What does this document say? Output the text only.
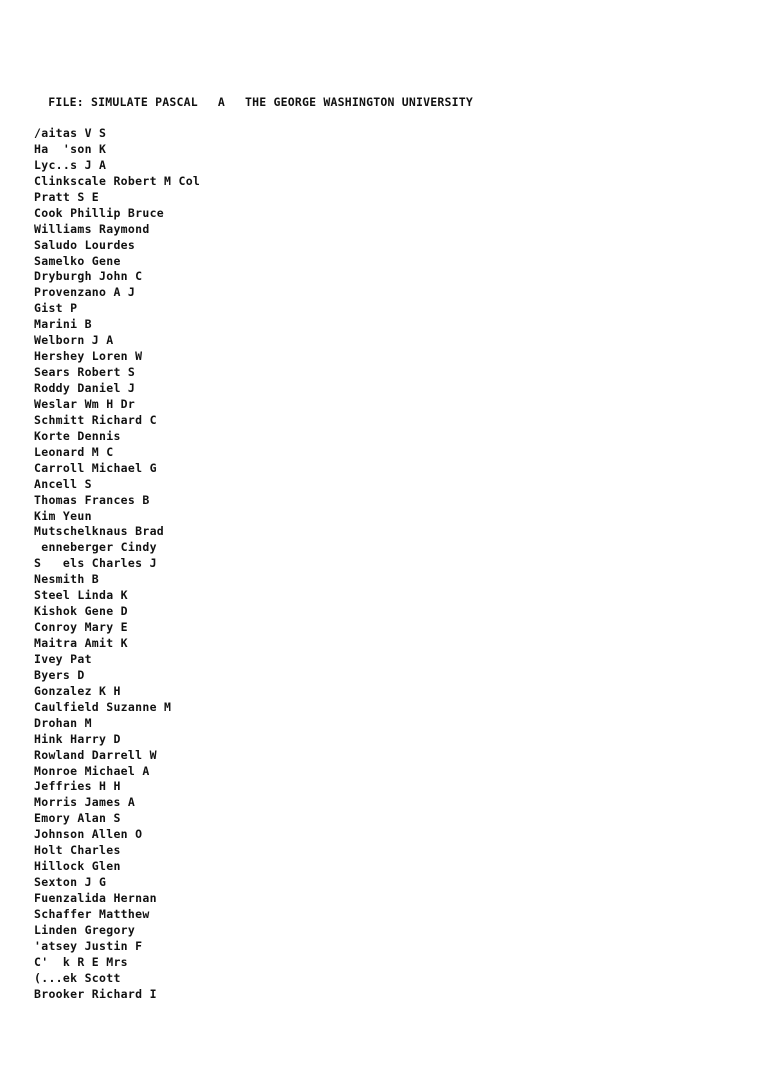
FILE: SIMULATE PASCAL A THE GEORGE WASHINGTON UNIVERSITY

/aitas V S
Ha  'son K
Lyc..s J A
Clinkscale Robert M Col
Pratt S E
Cook Phillip Bruce
Williams Raymond
Saludo Lourdes
Samelko Gene
Dryburgh John C
Provenzano A J
Gist P
Marini B
Welborn J A
Hershey Loren W
Sears Robert S
Roddy Daniel J
Weslar Wm H Dr
Schmitt Richard C
Korte Dennis
Leonard M C
Carroll Michael G
Ancell S
Thomas Frances B
Kim Yeun
Mutschelknaus Brad
enneberger Cindy
S   els Charles J
Nesmith B
Steel Linda K
Kishok Gene D
Conroy Mary E
Maitra Amit K
Ivey Pat
Byers D
Gonzalez K H
Caulfield Suzanne M
Drohan M
Hink Harry D
Rowland Darrell W
Monroe Michael A
Jeffries H H
Morris James A
Emory Alan S
Johnson Allen O
Holt Charles
Hillock Glen
Sexton J G
Fuenzalida Hernan
Schaffer Matthew
Linden Gregory
'atsey Justin F
C'  k R E Mrs
(...ek Scott
Brooker Richard I
